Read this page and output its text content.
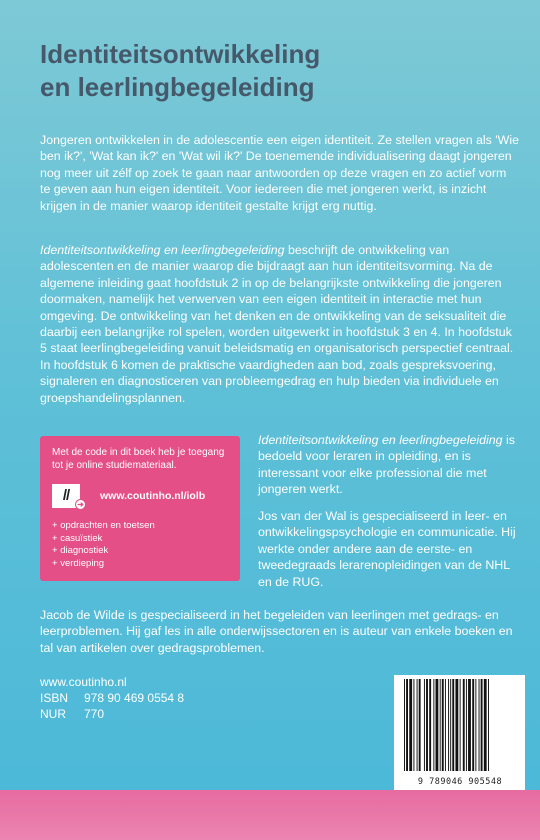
Identiteitsontwikkeling
en leerlingbegeleiding

Jongeren ontwikkelen in de adolescentie een eigen identiteit. Ze stellen vragen als 'Wie ben ik?', 'Wat kan ik?' en 'Wat wil ik?' De toenemende individualisering daagt jongeren nog meer uit zélf op zoek te gaan naar antwoorden op deze vragen en zo actief vorm te geven aan hun eigen identiteit. Voor iedereen die met jongeren werkt, is inzicht krijgen in de manier waarop identiteit gestalte krijgt erg nuttig.

Identiteitsontwikkeling en leerlingbegeleiding beschrijft de ontwikkeling van adolescenten en de manier waarop die bijdraagt aan hun identiteitsvorming. Na de algemene inleiding gaat hoofdstuk 2 in op de belangrijkste ontwikkeling die jongeren doormaken, namelijk het verwerven van een eigen identiteit in interactie met hun omgeving. De ontwikkeling van het denken en de ontwikkeling van de seksualiteit die daarbij een belangrijke rol spelen, worden uitgewerkt in hoofdstuk 3 en 4. In hoofdstuk 5 staat leerlingbegeleiding vanuit beleidsmatig en organisatorisch perspectief centraal. In hoofdstuk 6 komen de praktische vaardigheden aan bod, zoals gespreksvoering, signaleren en diagnosticeren van probleemgedrag en hulp bieden via individuele en groepshandelingsplannen.

Met de code in dit boek heb je toegang tot je online studiemateriaal.
//
➜
www.coutinho.nl/iolb
+ opdrachten en toetsen
+ casuïstiek
+ diagnostiek
+ verdieping

Identiteitsontwikkeling en leerlingbegeleiding is bedoeld voor leraren in opleiding, en is interessant voor elke professional die met jongeren werkt.

Jos van der Wal is gespecialiseerd in leer- en ontwikkelingspsychologie en communicatie. Hij werkte onder andere aan de eerste- en tweedegraads lerarenopleidingen van de NHL en de RUG.

Jacob de Wilde is gespecialiseerd in het begeleiden van leerlingen met gedrags- en leerproblemen. Hij gaf les in alle onderwijssectoren en is auteur van enkele boeken en tal van artikelen over gedragsproblemen.

www.coutinho.nl
ISBN 978 90 469 0554 8
NUR 770
9 789046 905548
